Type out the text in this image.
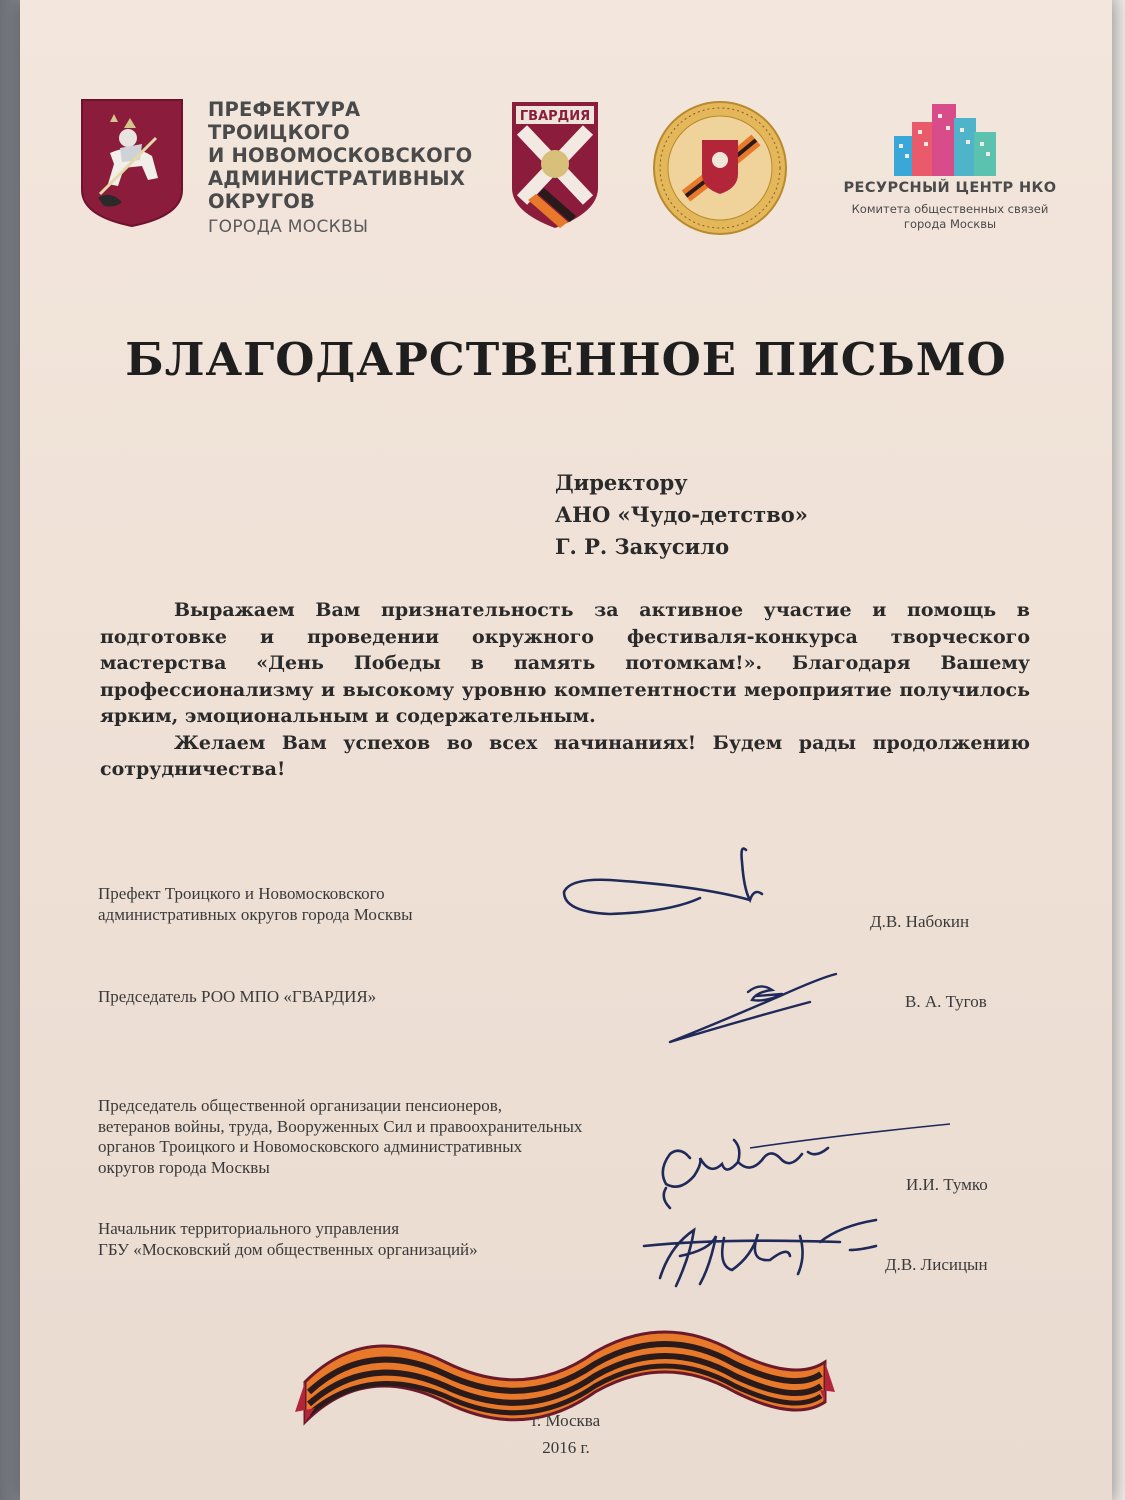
ПРЕФЕКТУРА ТРОИЦКОГО
И НОВОМОСКОВСКОГО
АДМИНИСТРАТИВНЫХ
ОКРУГОВ
ГОРОДА МОСКВЫ
ГВАРДИЯ
РЕСУРСНЫЙ ЦЕНТР НКО
Комитета общественных связей
города Москвы
БЛАГОДАРСТВЕННОЕ ПИСЬМО
Директору
АНО «Чудо-детство»
Г. Р. Закусило

Выражаем Вам признательность за активное участие и помощь в подготовке и проведении окружного фестиваля-конкурса творческого мастерства «День Победы в память потомкам!». Благодаря Вашему профессионализму и высокому уровню компетентности мероприятие получилось ярким, эмоциональным и содержательным.

Желаем Вам успехов во всех начинаниях! Будем рады продолжению сотрудничества!

Префект Троицкого и Новомосковского
административных округов города Москвы	Д.В. Набокин
Председатель РОО МПО «ГВАРДИЯ»	В. А. Тугов
Председатель общественной организации пенсионеров,
ветеранов войны, труда, Вооруженных Сил и правоохранительных
органов Троицкого и Новомосковского административных
округов города Москвы
И.И. Тумко
Начальник территориального управления
ГБУ «Московский дом общественных организаций»
Д.В. Лисицын
г. Москва
2016 г.
